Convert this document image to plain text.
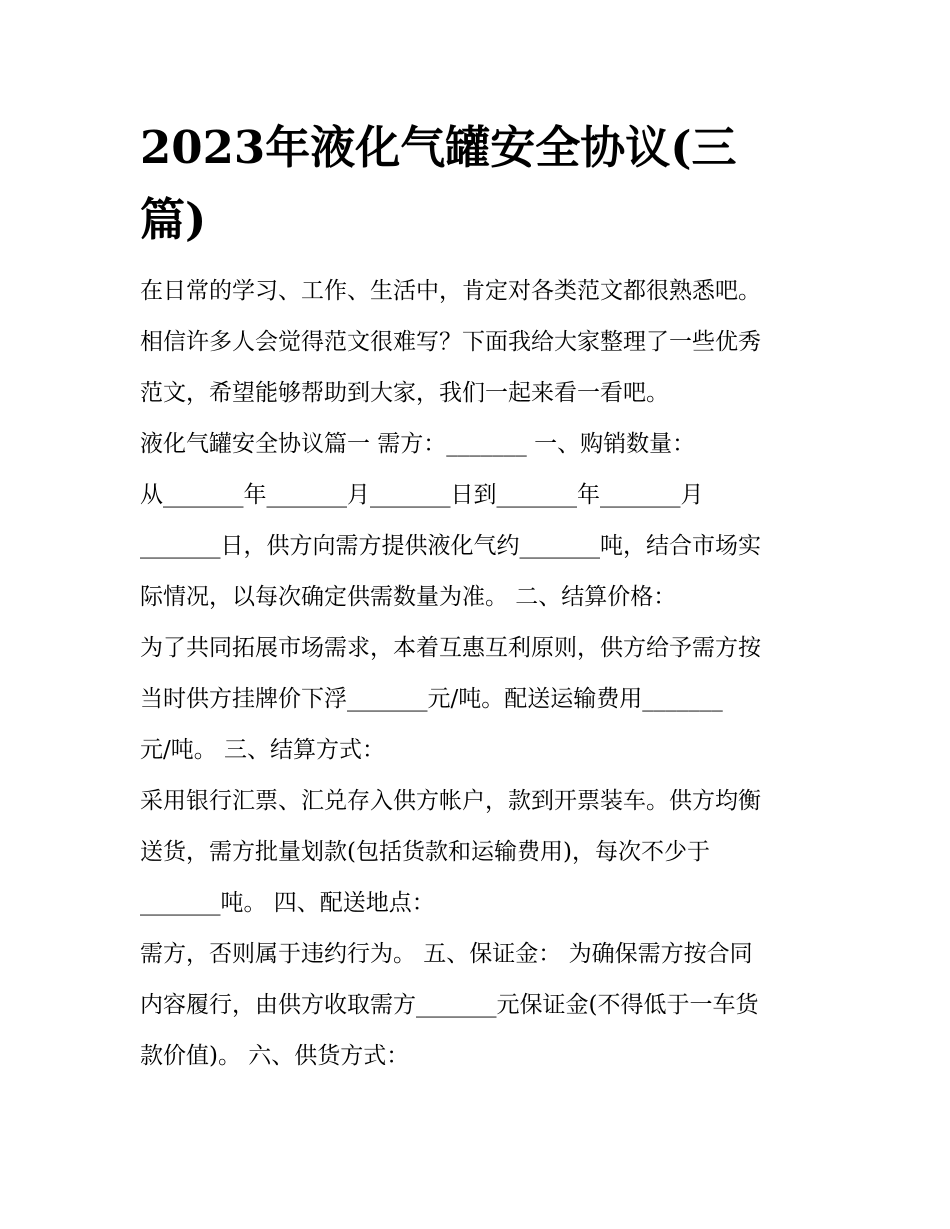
2023年液化气罐安全协议(三
篇)

在日常的学习、工作、生活中，肯定对各类范文都很熟悉吧。

相信许多人会觉得范文很难写？下面我给大家整理了一些优秀

范文，希望能够帮助到大家，我们一起来看一看吧。

液化气罐安全协议篇一 需方：_______ 一、购销数量：

从_______年_______月_______日到_______年_______月

_______日，供方向需方提供液化气约_______吨，结合市场实

际情况，以每次确定供需数量为准。 二、结算价格：

为了共同拓展市场需求，本着互惠互利原则，供方给予需方按

当时供方挂牌价下浮_______元/吨。配送运输费用_______

元/吨。 三、结算方式：

采用银行汇票、汇兑存入供方帐户，款到开票装车。供方均衡

送货，需方批量划款(包括货款和运输费用)，每次不少于

_______吨。 四、配送地点：

需方，否则属于违约行为。 五、保证金： 为确保需方按合同

内容履行，由供方收取需方_______元保证金(不得低于一车货

款价值)。 六、供货方式：
